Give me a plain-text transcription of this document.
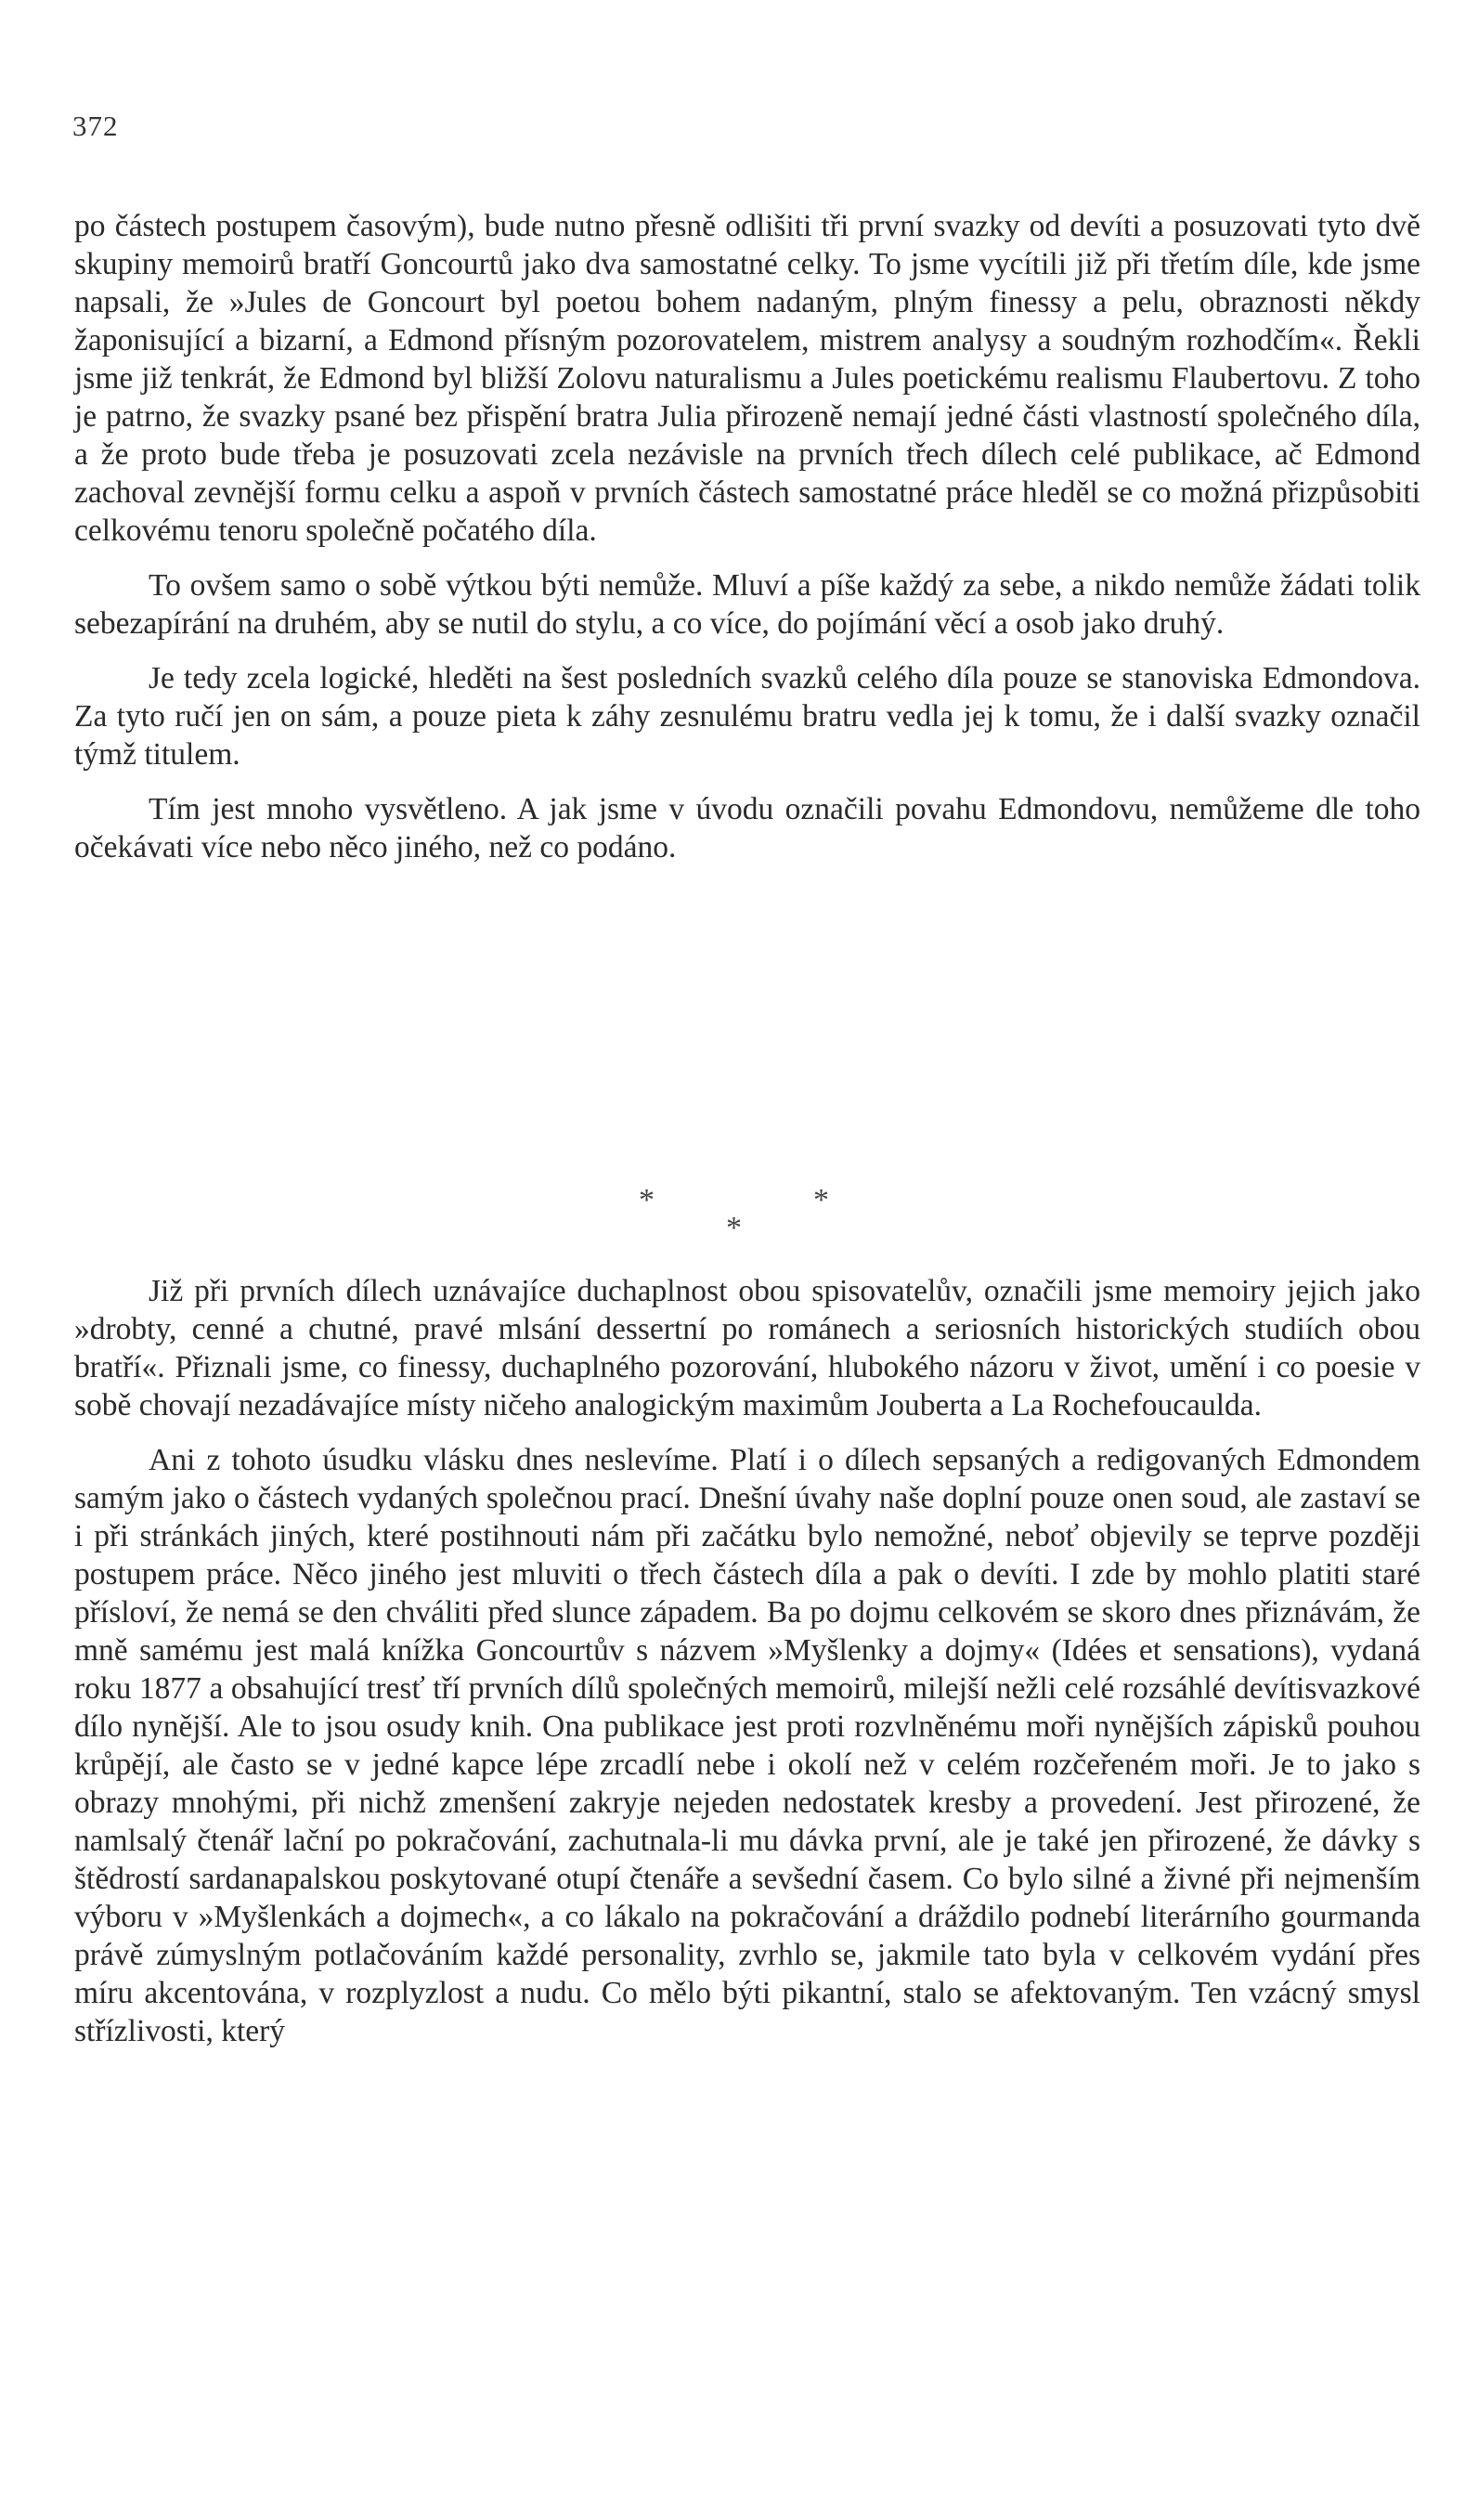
372

po částech postupem časovým), bude nutno přesně odlišiti tři první svazky od devíti a posuzovati tyto dvě skupiny memoirů bratří Goncourtů jako dva samostatné celky. To jsme vycítili již při třetím díle, kde jsme napsali, že »Jules de Goncourt byl poetou bohem nadaným, plným finessy a pelu, obraznosti někdy žaponisující a bizarní, a Edmond přísným pozorovatelem, mistrem analysy a soudným rozhodčím«. Řekli jsme již tenkrát, že Edmond byl bližší Zolovu naturalismu a Jules poetickému realismu Flaubertovu. Z toho je patrno, že svazky psané bez přispění bratra Julia přirozeně nemají jedné části vlastností společného díla, a že proto bude třeba je posuzovati zcela nezávisle na prvních třech dílech celé publikace, ač Edmond zachoval zevnější formu celku a aspoň v prvních částech samostatné práce hleděl se co možná přizpůsobiti celkovému tenoru společně počatého díla.

To ovšem samo o sobě výtkou býti nemůže. Mluví a píše každý za sebe, a nikdo nemůže žádati tolik sebezapírání na druhém, aby se nutil do stylu, a co více, do pojímání věcí a osob jako druhý.

Je tedy zcela logické, hleděti na šest posledních svazků celého díla pouze se stanoviska Edmondova. Za tyto ručí jen on sám, a pouze pieta k záhy zesnulému bratru vedla jej k tomu, že i další svazky označil týmž titulem.

Tím jest mnoho vysvětleno. A jak jsme v úvodu označili povahu Edmondovu, nemůžeme dle toho očekávati více nebo něco jiného, než co podáno.

*	*
*

Již při prvních dílech uznávajíce duchaplnost obou spisovatelův, označili jsme memoiry jejich jako »drobty, cenné a chutné, pravé mlsání dessertní po románech a seriosních historických studiích obou bratří«. Přiznali jsme, co finessy, duchaplného pozorování, hlubokého názoru v život, umění i co poesie v sobě chovají nezadávajíce místy ničeho analogickým maximům Jouberta a La Rochefoucaulda.

Ani z tohoto úsudku vlásku dnes neslevíme. Platí i o dílech sepsaných a redigovaných Edmondem samým jako o částech vydaných společnou prací. Dnešní úvahy naše doplní pouze onen soud, ale zastaví se i při stránkách jiných, které postihnouti nám při začátku bylo nemožné, neboť objevily se teprve později postupem práce. Něco jiného jest mluviti o třech částech díla a pak o devíti. I zde by mohlo platiti staré přísloví, že nemá se den chváliti před slunce západem. Ba po dojmu celkovém se skoro dnes přiznávám, že mně samému jest malá knížka Goncourtův s názvem »Myšlenky a dojmy« (Idées et sensations), vydaná roku 1877 a obsahující tresť tří prvních dílů společných memoirů, milejší nežli celé rozsáhlé devítisvazkové dílo nynější. Ale to jsou osudy knih. Ona publikace jest proti rozvlněnému moři nynějších zápisků pouhou krůpějí, ale často se v jedné kapce lépe zrcadlí nebe i okolí než v celém rozčeřeném moři. Je to jako s obrazy mnohými, při nichž zmenšení zakryje nejeden nedostatek kresby a provedení. Jest přirozené, že namlsalý čtenář lační po pokračování, zachutnala-li mu dávka první, ale je také jen přirozené, že dávky s štědrostí sardanapalskou poskytované otupí čtenáře a sevšední časem. Co bylo silné a živné při nejmenším výboru v »Myšlenkách a dojmech«, a co lákalo na pokračování a dráždilo podnebí literárního gourmanda právě zúmyslným potlačováním každé personality, zvrhlo se, jakmile tato byla v celkovém vydání přes míru akcentována, v rozplyzlost a nudu. Co mělo býti pikantní, stalo se afektovaným. Ten vzácný smysl střízlivosti, který
